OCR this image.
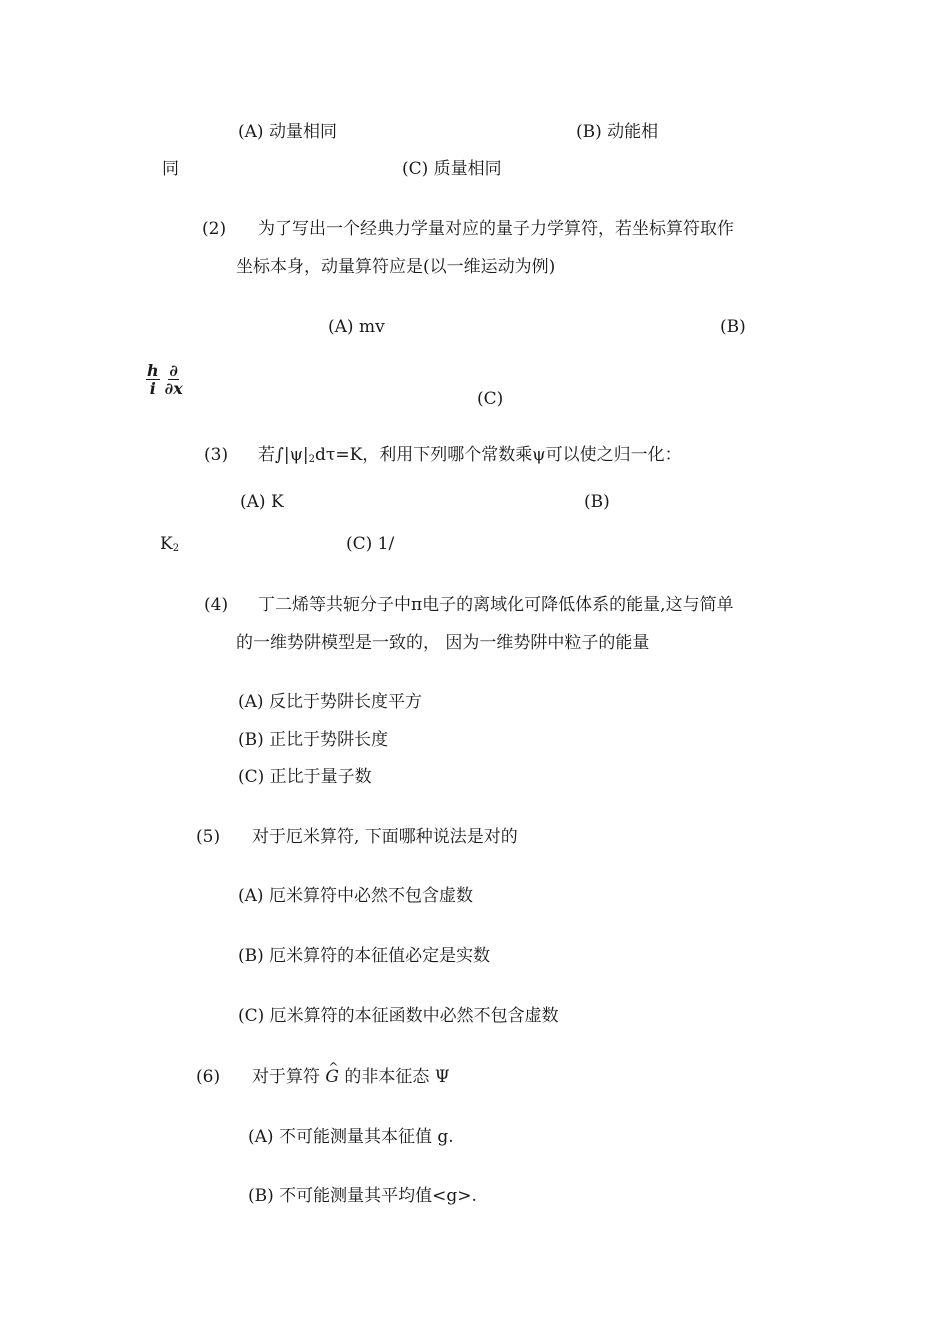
(A) 动量相同	(B) 动能相
同	(C) 质量相同
(2) 为了写出一个经典力学量对应的量子力学算符，若坐标算符取作
坐标本身，动量算符应是(以一维运动为例)
(A) mv	(B)
$\frac{h}{i} \frac{\partial}{\partial x}$
(C)
(3) 若$\int|\psi|_2d\tau=K$，利用下列哪个常数乘ψ可以使之归一化：
(A) K	(B)
$K_2$	(C) 1/
(4) 丁二烯等共轭分子中π电子的离域化可降低体系的能量,这与简单
的一维势阱模型是一致的， 因为一维势阱中粒子的能量
(A) 反比于势阱长度平方
(B) 正比于势阱长度
(C) 正比于量子数
(5) 对于厄米算符, 下面哪种说法是对的
(A) 厄米算符中必然不包含虚数
(B) 厄米算符的本征值必定是实数
(C) 厄米算符的本征函数中必然不包含虚数
(6) 对于算符 ^ G 的非本征态 Ψ
(A) 不可能测量其本征值 g.
(B) 不可能测量其平均值<g>.
